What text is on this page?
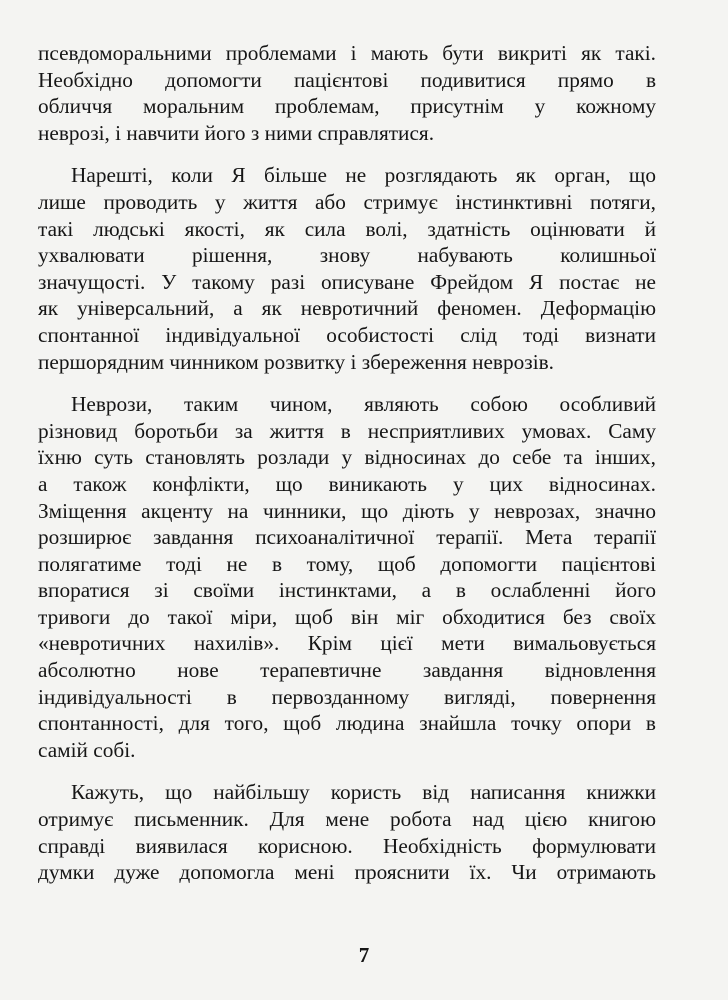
псевдоморальними проблемами і мають бути викриті як такі.
Необхідно допомогти пацієнтові подивитися прямо в
обличчя моральним проблемам, присутнім у кожному
неврозі, і навчити його з ними справлятися.
Нарешті, коли Я більше не розглядають як орган, що
лише проводить у життя або стримує інстинктивні потяги,
такі людські якості, як сила волі, здатність оцінювати й
ухвалювати рішення, знову набувають колишньої
значущості. У такому разі описуване Фрейдом Я постає не
як універсальний, а як невротичний феномен. Деформацію
спонтанної індивідуальної особистості слід тоді визнати
першорядним чинником розвитку і збереження неврозів.
Неврози, таким чином, являють собою особливий
різновид боротьби за життя в несприятливих умовах. Саму
їхню суть становлять розлади у відносинах до себе та інших,
а також конфлікти, що виникають у цих відносинах.
Зміщення акценту на чинники, що діють у неврозах, значно
розширює завдання психоаналітичної терапії. Мета терапії
полягатиме тоді не в тому, щоб допомогти пацієнтові
впоратися зі своїми інстинктами, а в ослабленні його
тривоги до такої міри, щоб він міг обходитися без своїх
«невротичних нахилів». Крім цієї мети вимальовується
абсолютно нове терапевтичне завдання відновлення
індивідуальності в первозданному вигляді, повернення
спонтанності, для того, щоб людина знайшла точку опори в
самій собі.
Кажуть, що найбільшу користь від написання книжки
отримує письменник. Для мене робота над цією книгою
справді виявилася корисною. Необхідність формулювати
думки дуже допомогла мені прояснити їх. Чи отримають
7
